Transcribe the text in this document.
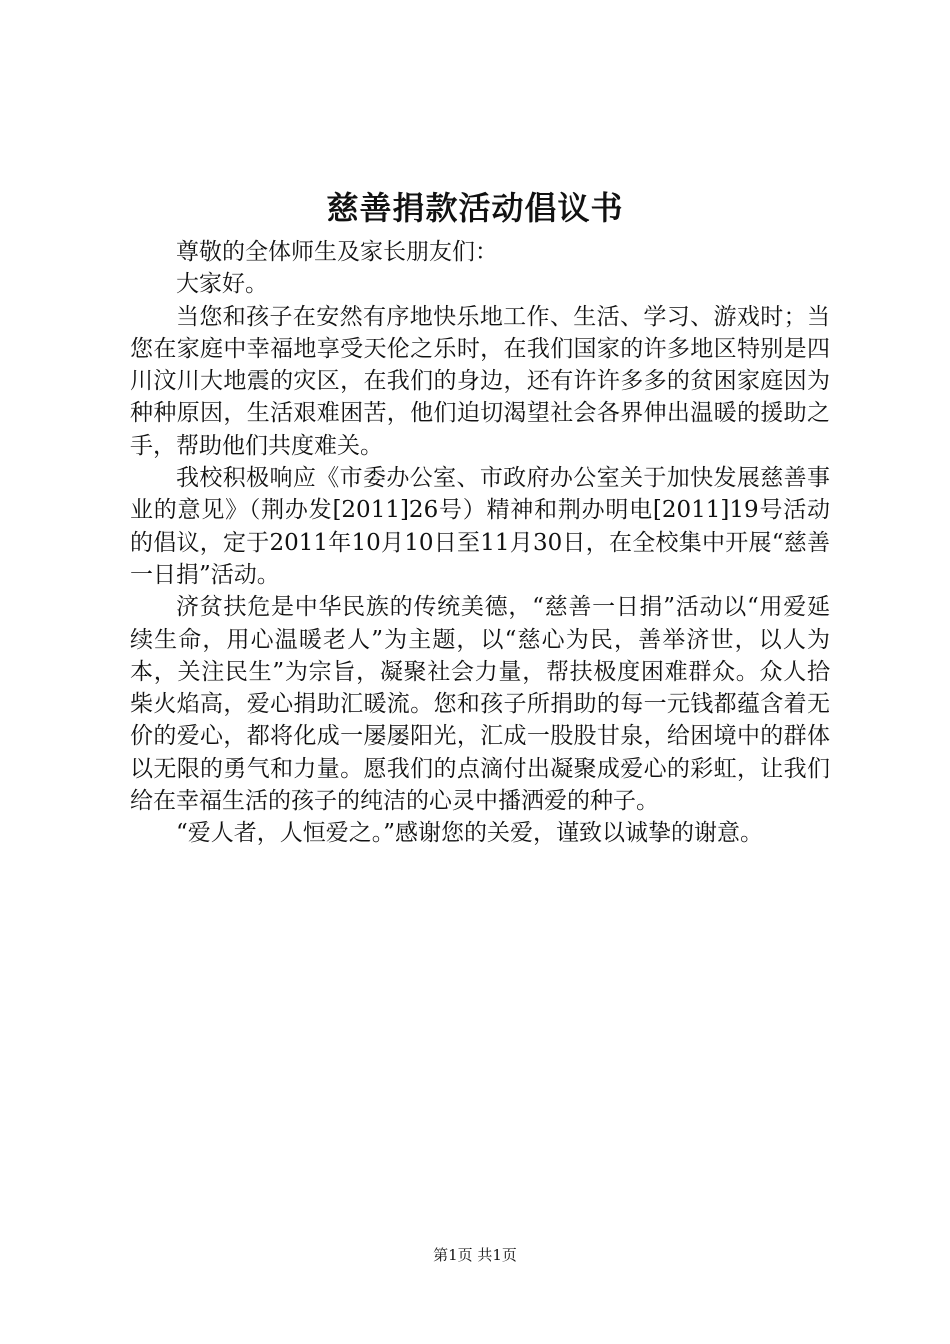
慈善捐款活动倡议书

尊敬的全体师生及家长朋友们：

大家好。

当您和孩子在安然有序地快乐地工作、生活、学习、游戏时；当您在家庭中幸福地享受天伦之乐时，在我们国家的许多地区特别是四川汶川大地震的灾区，在我们的身边，还有许许多多的贫困家庭因为种种原因，生活艰难困苦，他们迫切渴望社会各界伸出温暖的援助之手，帮助他们共度难关。

我校积极响应《市委办公室、市政府办公室关于加快发展慈善事业的意见》（荆办发[2011]26号）精神和荆办明电[2011]19号活动的倡议，定于2011年10月10日至11月30日，在全校集中开展“慈善一日捐”活动。

济贫扶危是中华民族的传统美德，“慈善一日捐”活动以“用爱延续生命，用心温暖老人”为主题，以“慈心为民，善举济世，以人为本，关注民生”为宗旨，凝聚社会力量，帮扶极度困难群众。众人拾柴火焰高，爱心捐助汇暖流。您和孩子所捐助的每一元钱都蕴含着无价的爱心，都将化成一屡屡阳光，汇成一股股甘泉，给困境中的群体以无限的勇气和力量。愿我们的点滴付出凝聚成爱心的彩虹，让我们给在幸福生活的孩子的纯洁的心灵中播洒爱的种子。

“爱人者，人恒爱之。”感谢您的关爱，谨致以诚挚的谢意。

第1页 共1页
